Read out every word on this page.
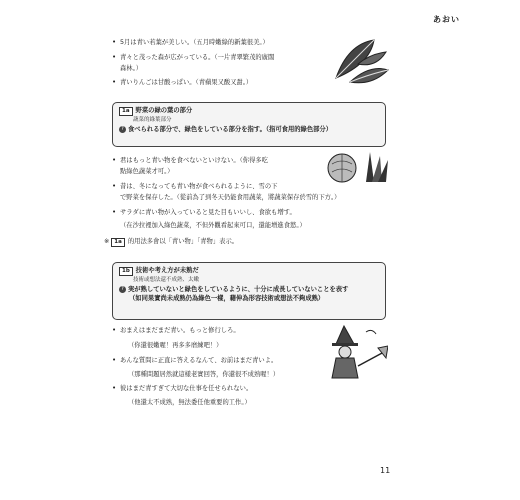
あおい
• 5月は青い若葉が美しい。（五月時嫩綠的新葉很美。）
• 青々と茂った森が広がっている。（一片青翠繁茂的廣闊
森林。）
• 青いりんごは甘酸っぱい。（青蘋果又酸又甜。）
1a 野菜の緑の葉の部分
蔬菜的綠葉部分
? 食べられる部分で、緑色をしている部分を指す。（指可食用的綠色部分）
• 君はもっと青い物を食べないといけない。（你得多吃
點綠色蔬菜才可。）
• 昔は、冬になっても青い物が食べられるように、雪の下
で野菜を保存した。（從前為了到冬天仍能食用蔬菜，將蔬菜保存於雪的下方。）
• サラダに青い物が入っていると見た目もいいし、食欲も増す。
（在沙拉裡加入綠色蔬菜，不但外觀看起來可口，還能增進食慾。）
※ 1a 的用法多會以「青い物」「青物」表示。
1b 技術や考え方が未熟だ
技術或想法還不成熟、太嫩
? 実が熟していないと緑色をしているように、十分に成長していないことを表す
（如同果實尚未成熟仍為綠色一樣，藉伸為形容技術或想法不夠成熟）
• おまえはまだまだ青い。もっと修行しろ。
（你還很嫩喔！再多多磨練吧！）
• あんな質問に正直に答えるなんて、お前はまだ青いよ。
（那種問題居然就這樣老實回答，你還很不成熟喔！）
• 彼はまだ青すぎて大切な仕事を任せられない。
（他還太不成熟，無法委任他重要的工作。）
11
